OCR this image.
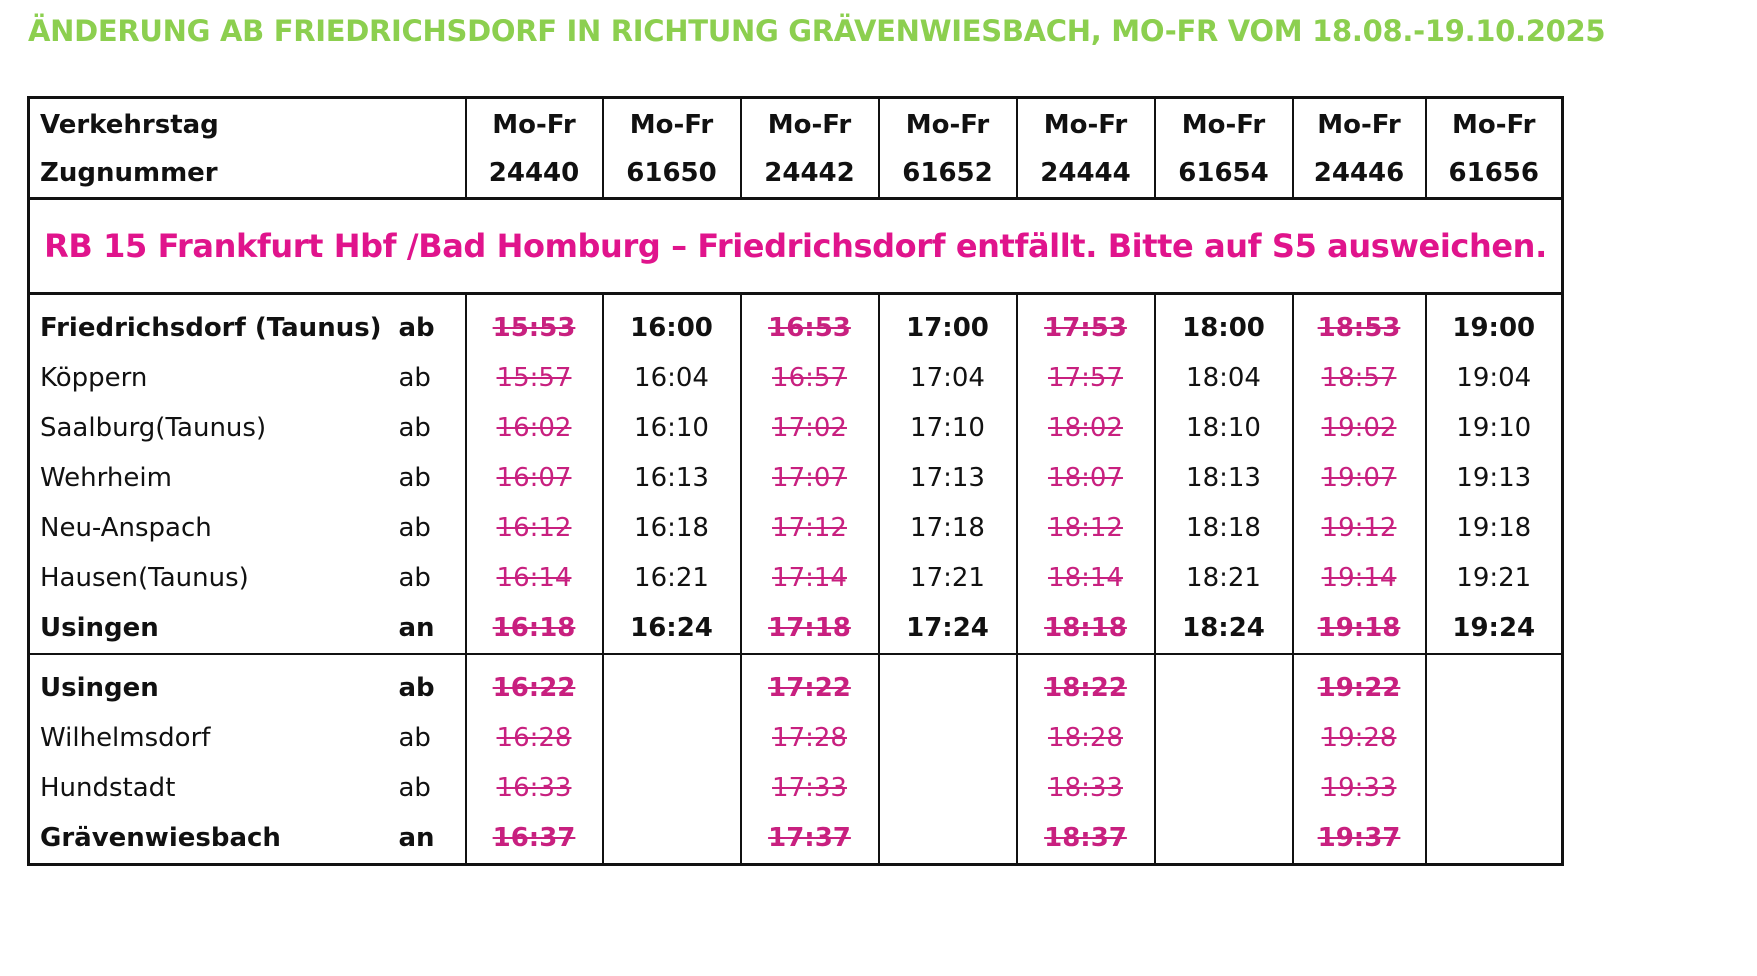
ÄNDERUNG AB FRIEDRICHSDORF IN RICHTUNG GRÄVENWIESBACH, MO-FR VOM 18.08.-19.10.2025
Verkehrstag		Mo-Fr	Mo-Fr	Mo-Fr	Mo-Fr	Mo-Fr	Mo-Fr	Mo-Fr	Mo-Fr
Zugnummer		24440	61650	24442	61652	24444	61654	24446	61656
RB 15 Frankfurt Hbf /Bad Homburg – Friedrichsdorf entfällt. Bitte auf S5 ausweichen.									
Friedrichsdorf (Taunus)	ab	15:53	16:00	16:53	17:00	17:53	18:00	18:53	19:00
Köppern	ab	15:57	16:04	16:57	17:04	17:57	18:04	18:57	19:04
Saalburg(Taunus)	ab	16:02	16:10	17:02	17:10	18:02	18:10	19:02	19:10
Wehrheim	ab	16:07	16:13	17:07	17:13	18:07	18:13	19:07	19:13
Neu-Anspach	ab	16:12	16:18	17:12	17:18	18:12	18:18	19:12	19:18
Hausen(Taunus)	ab	16:14	16:21	17:14	17:21	18:14	18:21	19:14	19:21
Usingen	an	16:18	16:24	17:18	17:24	18:18	18:24	19:18	19:24
Usingen	ab	16:22		17:22		18:22		19:22	
Wilhelmsdorf	ab	16:28		17:28		18:28		19:28	
Hundstadt	ab	16:33		17:33		18:33		19:33	
Grävenwiesbach	an	16:37		17:37		18:37		19:37	
